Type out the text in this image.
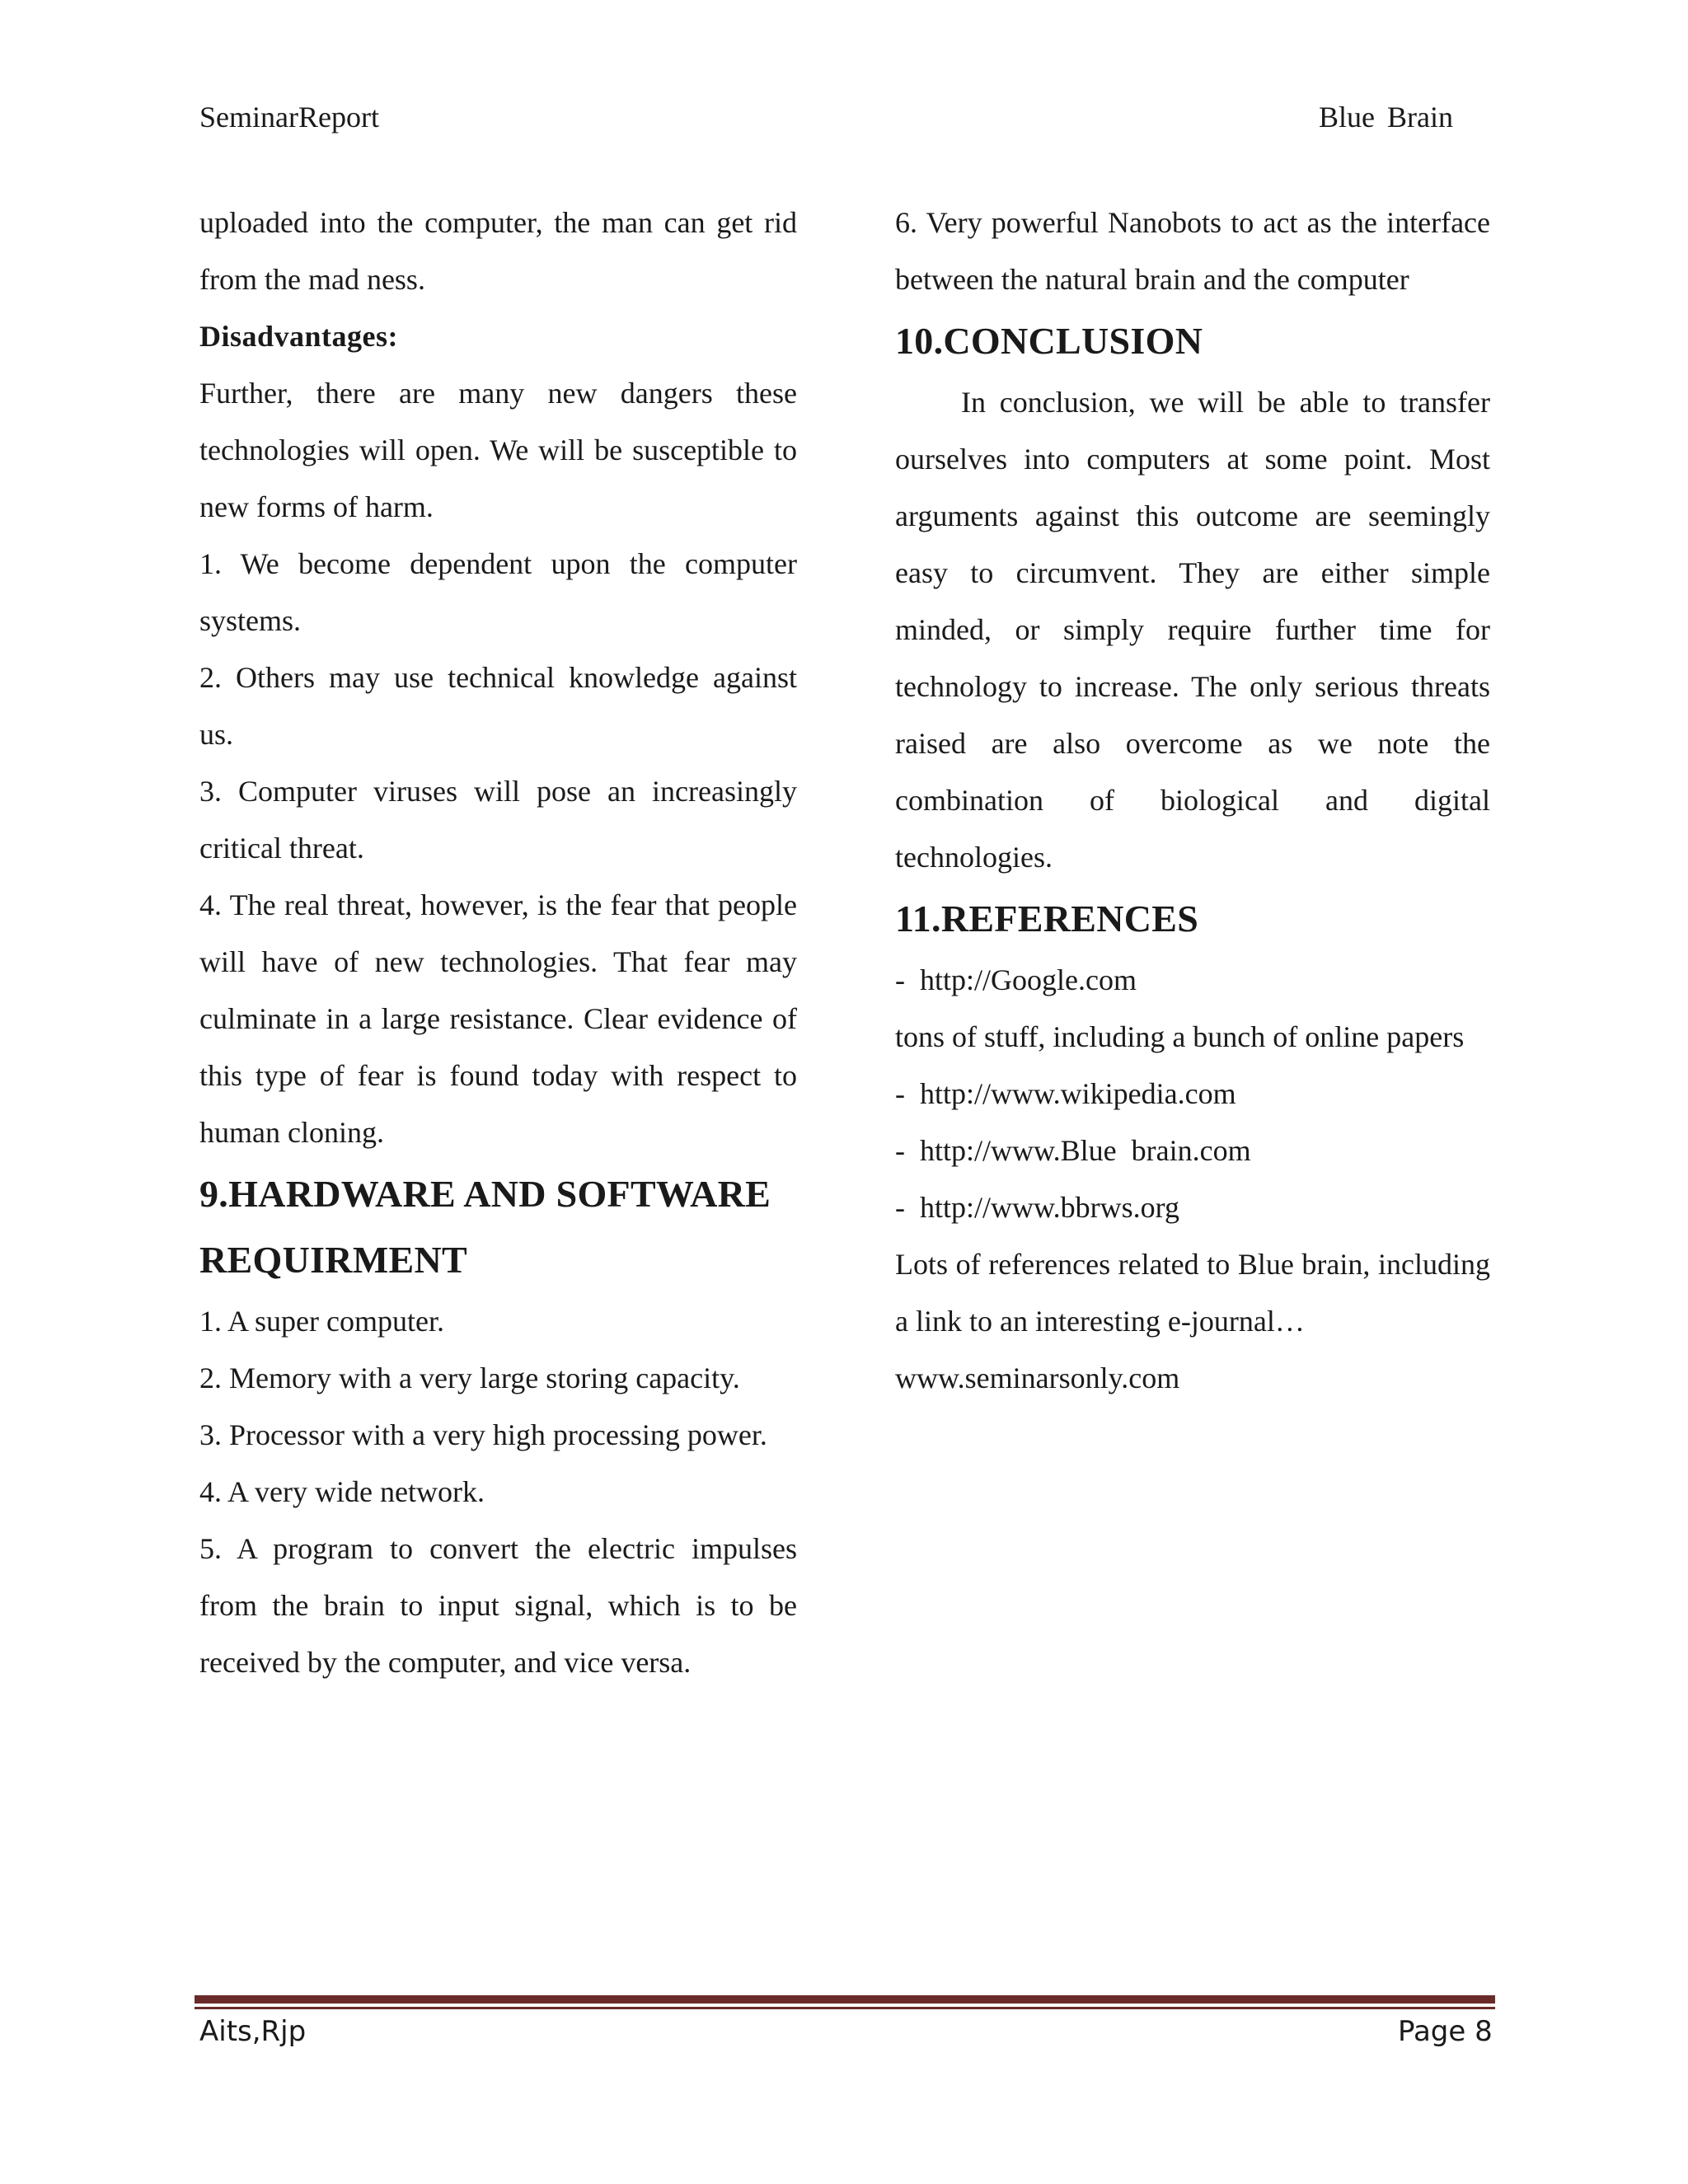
SeminarReport	Blue Brain

uploaded into the computer, the man can get rid from the mad ness.

Disadvantages:

Further, there are many new dangers these technologies will open. We will be susceptible to new forms of harm.

1. We become dependent upon the computer systems.

2. Others may use technical knowledge against us.

3. Computer viruses will pose an increasingly critical threat.

4. The real threat, however, is the fear that people will have of new technologies. That fear may culminate in a large resistance. Clear evidence of this type of fear is found today with respect to human cloning.

9.HARDWARE AND SOFTWARE

REQUIRMENT

1. A super computer.

2. Memory with a very large storing capacity.

3. Processor with a very high processing power.

4. A very wide network.

5. A program to convert the electric impulses from the brain to input signal, which is to be received by the computer, and vice versa.

6. Very powerful Nanobots to act as the interface between the natural brain and the computer

10.CONCLUSION

In conclusion, we will be able to transfer ourselves into computers at some point. Most arguments against this outcome are seemingly easy to circumvent. They are either simple minded, or simply require further time for technology to increase. The only serious threats raised are also overcome as we note the combination of biological and digital technologies.

11.REFERENCES

-  http://Google.com

tons of stuff, including a bunch of online papers

-  http://www.wikipedia.com

-  http://www.Blue  brain.com

-  http://www.bbrws.org

Lots of references related to Blue brain, including a link to an interesting e-journal…

www.seminarsonly.com

Aits,Rjp	Page 8
